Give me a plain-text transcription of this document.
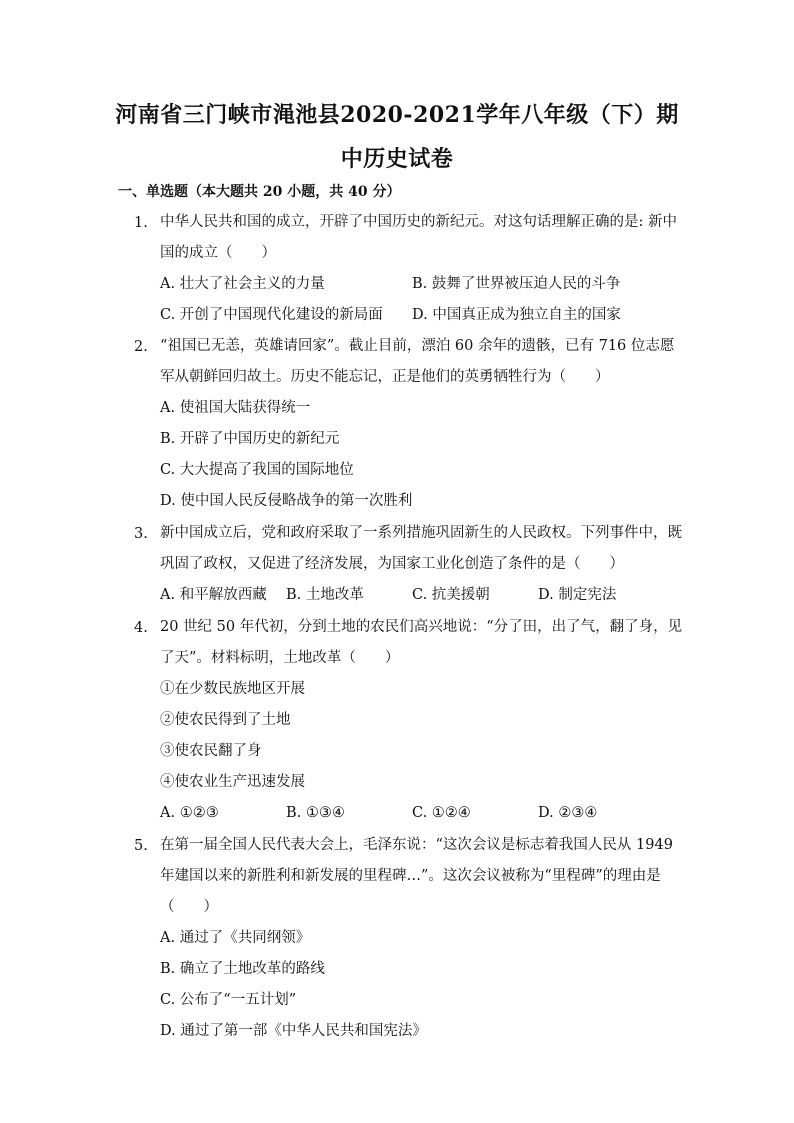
河南省三门峡市渑池县2020-2021学年八年级（下）期
中历史试卷
一、单选题（本大题共 20 小题，共 40 分）
1. 中华人民共和国的成立，开辟了中国历史的新纪元。对这句话理解正确的是: 新中
国的成立（　　）
A. 壮大了社会主义的力量	B. 鼓舞了世界被压迫人民的斗争
C. 开创了中国现代化建设的新局面 D. 中国真正成为独立自主的国家
2. “祖国已无恙，英雄请回家”。截止目前，漂泊 60 余年的遗骸，已有 716 位志愿
军从朝鲜回归故土。历史不能忘记，正是他们的英勇牺牲行为（　　）
A. 使祖国大陆获得统一
B. 开辟了中国历史的新纪元
C. 大大提高了我国的国际地位
D. 使中国人民反侵略战争的第一次胜利
3. 新中国成立后，党和政府采取了一系列措施巩固新生的人民政权。下列事件中，既
巩固了政权，又促进了经济发展，为国家工业化创造了条件的是（　　）
A. 和平解放西藏 B. 土地改革	C. 抗美援朝	D. 制定宪法
4. 20 世纪 50 年代初，分到土地的农民们高兴地说：“分了田，出了气，翻了身，见
了天”。材料标明，土地改革（　　）
①在少数民族地区开展
②使农民得到了土地
③使农民翻了身
④使农业生产迅速发展
A. ①②③	B. ①③④	C. ①②④	D. ②③④
5. 在第一届全国人民代表大会上，毛泽东说：“这次会议是标志着我国人民从 1949
年建国以来的新胜利和新发展的里程碑…”。这次会议被称为“里程碑”的理由是
（　　）
A. 通过了《共同纲领》
B. 确立了土地改革的路线
C. 公布了“一五计划”
D. 通过了第一部《中华人民共和国宪法》
